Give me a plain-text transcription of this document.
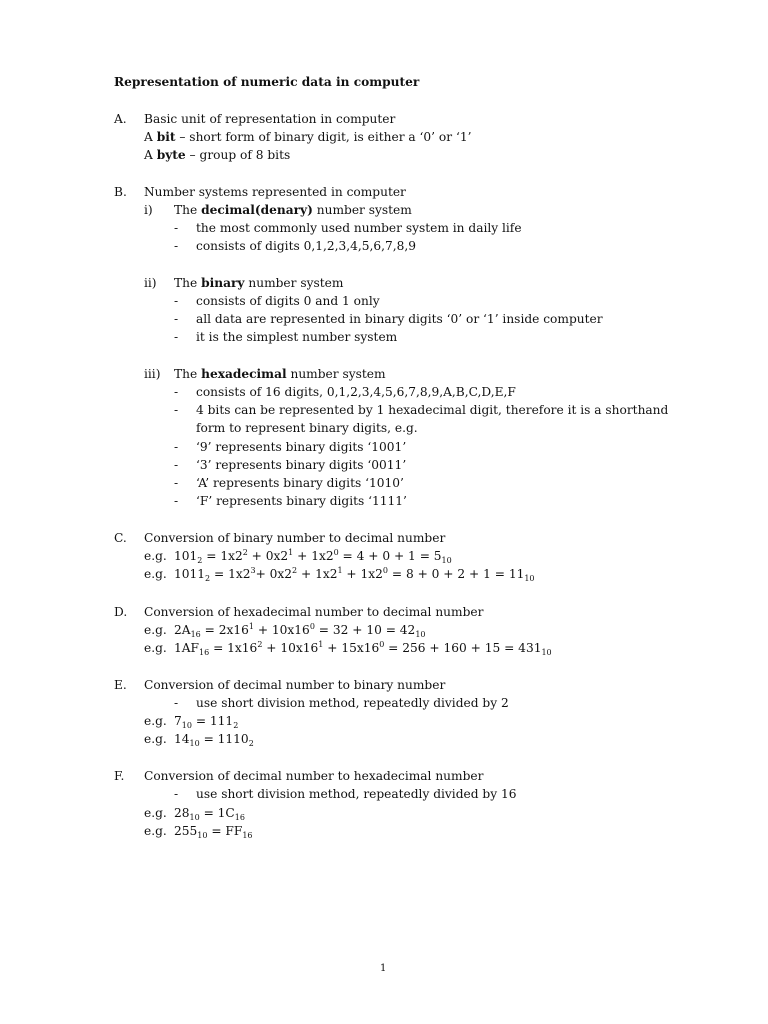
Representation of numeric data in computer
A. Basic unit of representation in computer
A bit – short form of binary digit, is either a ‘0’ or ‘1’
A byte – group of 8 bits
B. Number systems represented in computer
i) The decimal(denary) number system
- the most commonly used number system in daily life
- consists of digits 0,1,2,3,4,5,6,7,8,9
ii) The binary number system
- consists of digits 0 and 1 only
- all data are represented in binary digits ‘0’ or ‘1’ inside computer
- it is the simplest number system
iii) The hexadecimal number system
- consists of 16 digits, 0,1,2,3,4,5,6,7,8,9,A,B,C,D,E,F
- 4 bits can be represented by 1 hexadecimal digit, therefore it is a shorthand
form to represent binary digits, e.g.
- ‘9’ represents binary digits ‘1001’
- ‘3’ represents binary digits ‘0011’
- ‘A’ represents binary digits ‘1010’
- ‘F’ represents binary digits ‘1111’
C. Conversion of binary number to decimal number
e.g. $101_2 = 1x2^2 + 0x2^1 + 1x2^0 = 4 + 0 + 1 = 5_{10}$
e.g. $1011_2 = 1x2^3+ 0x2^2 + 1x2^1 + 1x2^0 = 8 + 0 + 2 + 1 = 11_{10}$
D. Conversion of hexadecimal number to decimal number
e.g. $2A_{16} = 2x16^1 + 10x16^0 = 32 + 10 = 42_{10}$
e.g. $1AF_{16} = 1x16^2 + 10x16^1 + 15x16^0 = 256 + 160 + 15 = 431_{10}$
E. Conversion of decimal number to binary number
- use short division method, repeatedly divided by 2
e.g. $7_{10} = 111_2$
e.g. $14_{10} = 1110_2$
F. Conversion of decimal number to hexadecimal number
- use short division method, repeatedly divided by 16
e.g. $28_{10} = 1C_{16}$
e.g. $255_{10} = FF_{16}$
1
